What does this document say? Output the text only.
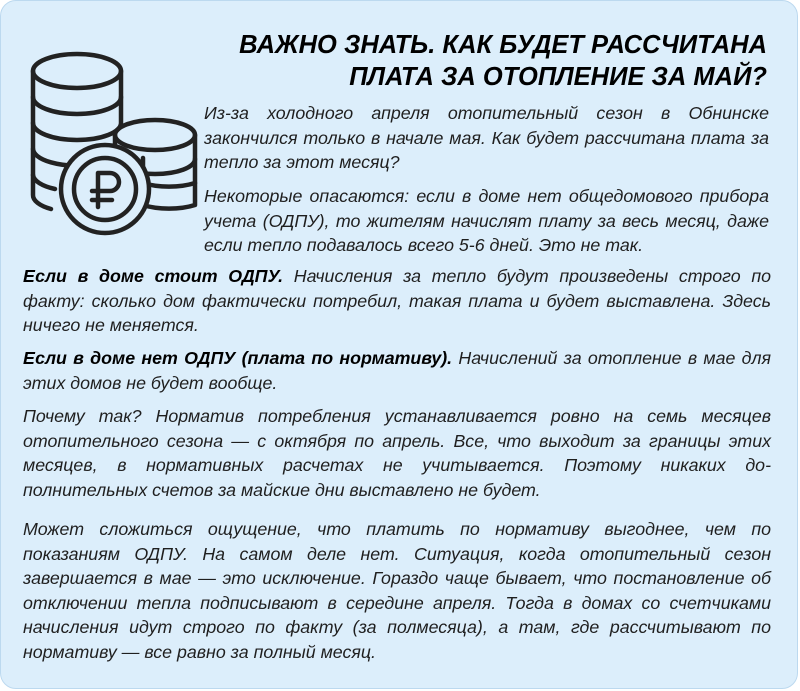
ВАЖНО ЗНАТЬ. КАК БУДЕТ РАССЧИТАНА
ПЛАТА ЗА ОТОПЛЕНИЕ ЗА МАЙ?

Из-за холодного апреля отопительный сезон в Обнинске закончился только в начале мая. Как будет рассчитана плата за тепло за этот месяц?

Некоторые опасаются: если в доме нет общедомового прибора учета (ОДПУ), то жителям начислят плату за весь месяц, даже если тепло подавалось всего 5-6 дней. Это не так.

Если в доме стоит ОДПУ. Начисления за тепло будут произведены строго по факту: сколько дом фактически потребил, такая плата и будет выставлена. Здесь ничего не меняется.

Если в доме нет ОДПУ (плата по нормативу). Начислений за отопление в мае для этих домов не будет вообще.

Почему так? Норматив потребления устанавливается ровно на семь месяцев отопительного сезона — с октября по апрель. Все, что выходит за границы этих месяцев, в нормативных расчетах не учитывается. Поэтому никаких дополнительных счетов за майские дни выставлено не будет.

Может сложиться ощущение, что платить по нормативу выгоднее, чем по показаниям ОДПУ. На самом деле нет. Ситуация, когда отопительный сезон завершается в мае — это исключение. Гораздо чаще бывает, что постановление об отключении тепла подписывают в середине апреля. Тогда в домах со счетчиками начисления идут строго по факту (за полмесяца), а там, где рассчитывают по нормативу — все равно за полный месяц.
